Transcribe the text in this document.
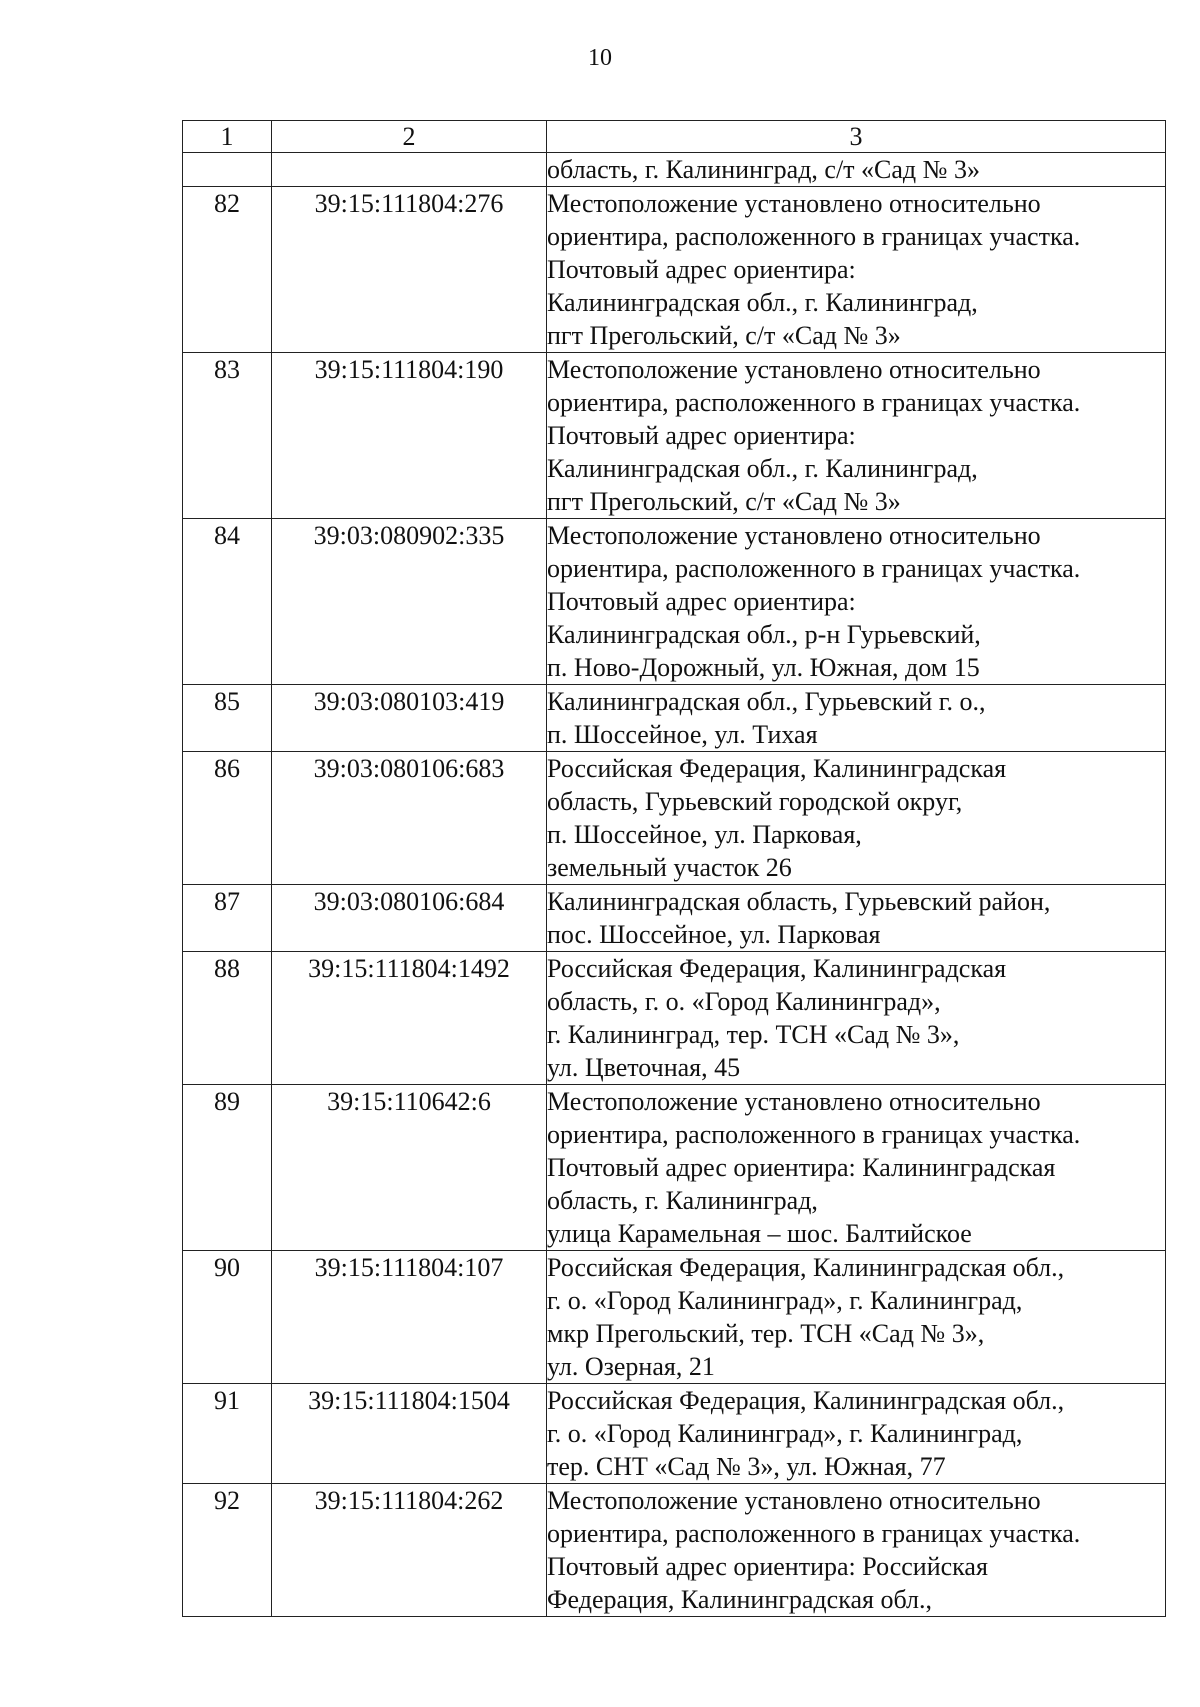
10
1	2	3

		область, г. Калининград, с/т «Сад № 3»

82	39:15:111804:276	Местоположение установлено относительно
ориентира, расположенного в границах участка.
Почтовый адрес ориентира:
Калининградская обл., г. Калининград,
пгт Прегольский, с/т «Сад № 3»

83	39:15:111804:190	Местоположение установлено относительно
ориентира, расположенного в границах участка.
Почтовый адрес ориентира:
Калининградская обл., г. Калининград,
пгт Прегольский, с/т «Сад № 3»

84	39:03:080902:335	Местоположение установлено относительно
ориентира, расположенного в границах участка.
Почтовый адрес ориентира:
Калининградская обл., р-н Гурьевский,
п. Ново-Дорожный, ул. Южная, дом 15

85	39:03:080103:419	Калининградская обл., Гурьевский г. о.,
п. Шоссейное, ул. Тихая

86	39:03:080106:683	Российская Федерация, Калининградская
область, Гурьевский городской округ,
п. Шоссейное, ул. Парковая,
земельный участок 26

87	39:03:080106:684	Калининградская область, Гурьевский район,
пос. Шоссейное, ул. Парковая

88	39:15:111804:1492	Российская Федерация, Калининградская
область, г. о. «Город Калининград»,
г. Калининград, тер. ТСН «Сад № 3»,
ул. Цветочная, 45

89	39:15:110642:6	Местоположение установлено относительно
ориентира, расположенного в границах участка.
Почтовый адрес ориентира: Калининградская
область, г. Калининград,
улица Карамельная – шос. Балтийское

90	39:15:111804:107	Российская Федерация, Калининградская обл.,
г. о. «Город Калининград», г. Калининград,
мкр Прегольский, тер. ТСН «Сад № 3»,
ул. Озерная, 21

91	39:15:111804:1504	Российская Федерация, Калининградская обл.,
г. о. «Город Калининград», г. Калининград,
тер. СНТ «Сад № 3», ул. Южная, 77

92	39:15:111804:262	Местоположение установлено относительно
ориентира, расположенного в границах участка.
Почтовый адрес ориентира: Российская
Федерация, Калининградская обл.,
